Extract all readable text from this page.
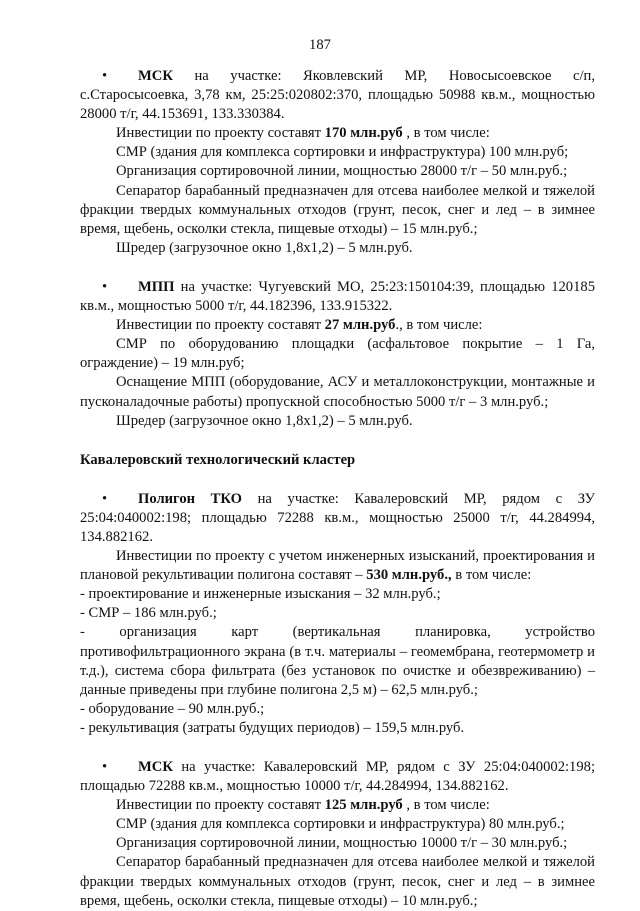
187

• МСК на участке: Яковлевский МР, Новосысоевское с/п, с.Старосысоевка, 3,78 км, 25:25:020802:370, площадью 50988 кв.м., мощностью 28000 т/г, 44.153691, 133.330384.

Инвестиции по проекту составят 170 млн.руб , в том числе:

СМР (здания для комплекса сортировки и инфраструктура) 100 млн.руб;

Организация сортировочной линии, мощностью 28000 т/г – 50 млн.руб.;

Сепаратор барабанный предназначен для отсева наиболее мелкой и тяжелой фракции твердых коммунальных отходов (грунт, песок, снег и лед – в зимнее время, щебень, осколки стекла, пищевые отходы) – 15 млн.руб.;

Шредер (загрузочное окно 1,8х1,2) – 5 млн.руб.

• МПП на участке: Чугуевский МО, 25:23:150104:39, площадью 120185 кв.м., мощностью 5000 т/г, 44.182396, 133.915322.

Инвестиции по проекту составят 27 млн.руб., в том числе:

СМР по оборудованию площадки (асфальтовое покрытие – 1 Га, ограждение) – 19 млн.руб;

Оснащение МПП (оборудование, АСУ и металлоконструкции, монтажные и пусконаладочные работы) пропускной способностью 5000 т/г – 3 млн.руб.;

Шредер (загрузочное окно 1,8х1,2) – 5 млн.руб.

Кавалеровский технологический кластер

• Полигон ТКО на участке: Кавалеровский МР, рядом с ЗУ 25:04:040002:198; площадью 72288 кв.м., мощностью 25000 т/г, 44.284994, 134.882162.

Инвестиции по проекту с учетом инженерных изысканий, проектирования и плановой рекультивации полигона составят – 530 млн.руб., в том числе:

- проектирование и инженерные изыскания – 32 млн.руб.;

- СМР – 186 млн.руб.;

- организация карт (вертикальная планировка, устройство противофильтрационного экрана (в т.ч. материалы – геомембрана, геотермометр и т.д.), система сбора фильтрата (без установок по очистке и обезвреживанию) – данные приведены при глубине полигона 2,5 м) – 62,5 млн.руб.;

- оборудование – 90 млн.руб.;

- рекультивация (затраты будущих периодов) – 159,5 млн.руб.

• МСК на участке: Кавалеровский МР, рядом с ЗУ 25:04:040002:198; площадью 72288 кв.м., мощностью 10000 т/г, 44.284994, 134.882162.

Инвестиции по проекту составят 125 млн.руб , в том числе:

СМР (здания для комплекса сортировки и инфраструктура) 80 млн.руб.;

Организация сортировочной линии, мощностью 10000 т/г – 30 млн.руб.;

Сепаратор барабанный предназначен для отсева наиболее мелкой и тяжелой фракции твердых коммунальных отходов (грунт, песок, снег и лед – в зимнее время, щебень, осколки стекла, пищевые отходы) – 10 млн.руб.;
